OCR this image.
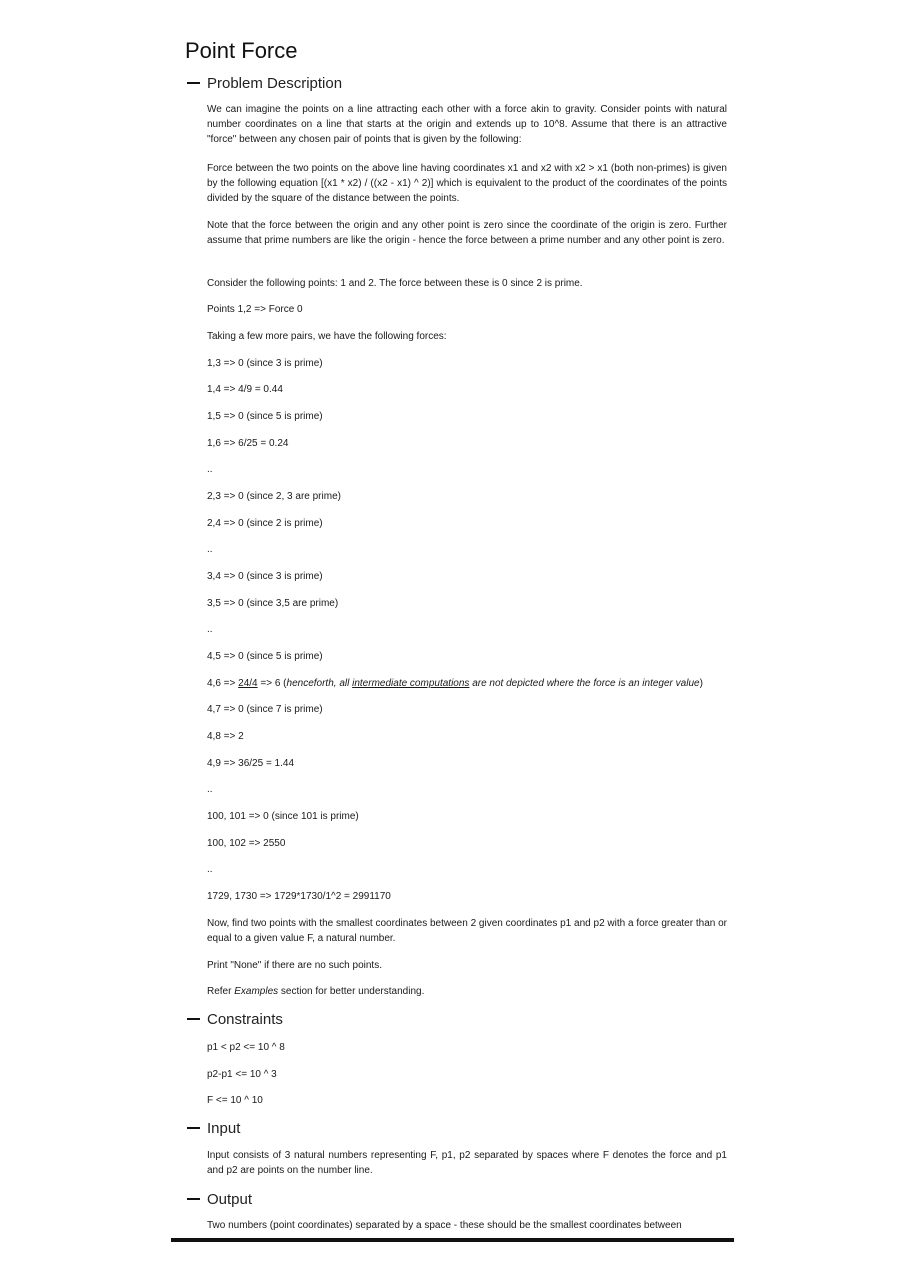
Point Force
Problem Description

We can imagine the points on a line attracting each other with a force akin to gravity. Consider points with natural number coordinates on a line that starts at the origin and extends up to 10^8. Assume that there is an attractive "force" between any chosen pair of points that is given by the following:

Force between the two points on the above line having coordinates x1 and x2 with x2 > x1 (both non-primes) is given by the following equation [(x1 * x2) / ((x2 - x1) ^ 2)] which is equivalent to the product of the coordinates of the points divided by the square of the distance between the points.

Note that the force between the origin and any other point is zero since the coordinate of the origin is zero. Further assume that prime numbers are like the origin - hence the force between a prime number and any other point is zero.

Consider the following points: 1 and 2. The force between these is 0 since 2 is prime.

Points 1,2 => Force 0

Taking a few more pairs, we have the following forces:

1,3 => 0 (since 3 is prime)

1,4 => 4/9 = 0.44

1,5 => 0 (since 5 is prime)

1,6 => 6/25 = 0.24

..

2,3 => 0 (since 2, 3 are prime)

2,4 => 0 (since 2 is prime)

..

3,4 => 0 (since 3 is prime)

3,5 => 0 (since 3,5 are prime)

..

4,5 => 0 (since 5 is prime)

4,6 => 24/4 => 6 (henceforth, all intermediate computations are not depicted where the force is an integer value)

4,7 => 0 (since 7 is prime)

4,8 => 2

4,9 => 36/25 = 1.44

..

100, 101 => 0 (since 101 is prime)

100, 102 => 2550

..

1729, 1730 => 1729*1730/1^2 = 2991170

Now, find two points with the smallest coordinates between 2 given coordinates p1 and p2 with a force greater than or equal to a given value F, a natural number.

Print "None" if there are no such points.

Refer Examples section for better understanding.

Constraints

p1 < p2 <= 10 ^ 8

p2-p1 <= 10 ^ 3

F <= 10 ^ 10

Input

Input consists of 3 natural numbers representing F, p1, p2 separated by spaces where F denotes the force and p1 and p2 are points on the number line.

Output

Two numbers (point coordinates) separated by a space - these should be the smallest coordinates between
